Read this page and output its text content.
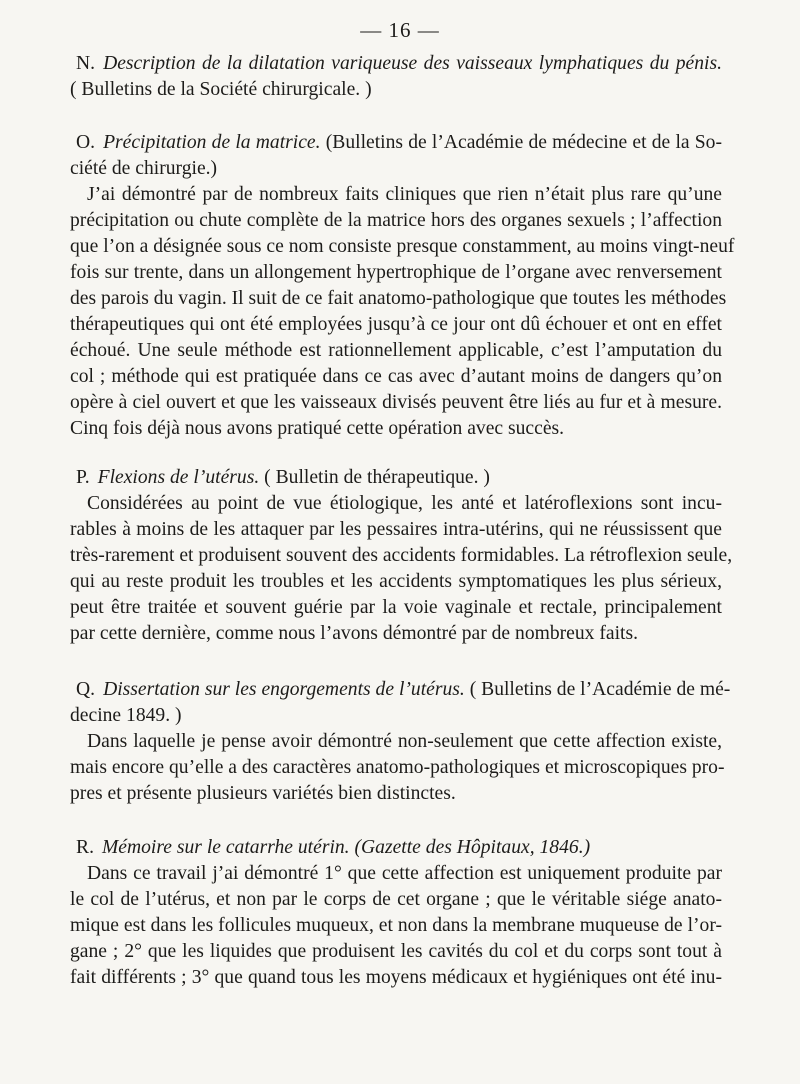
— 16 —
N. Description de la dilatation variqueuse des vaisseaux lymphatiques du pénis.
( Bulletins de la Société chirurgicale. )
O. Précipitation de la matrice. (Bulletins de l’Académie de médecine et de la So-
ciété de chirurgie.)
J’ai démontré par de nombreux faits cliniques que rien n’était plus rare qu’une
précipitation ou chute complète de la matrice hors des organes sexuels ; l’affection
que l’on a désignée sous ce nom consiste presque constamment, au moins vingt-neuf
fois sur trente, dans un allongement hypertrophique de l’organe avec renversement
des parois du vagin. Il suit de ce fait anatomo-pathologique que toutes les méthodes
thérapeutiques qui ont été employées jusqu’à ce jour ont dû échouer et ont en effet
échoué. Une seule méthode est rationnellement applicable, c’est l’amputation du
col ; méthode qui est pratiquée dans ce cas avec d’autant moins de dangers qu’on
opère à ciel ouvert et que les vaisseaux divisés peuvent être liés au fur et à mesure.
Cinq fois déjà nous avons pratiqué cette opération avec succès.
P. Flexions de l’utérus. ( Bulletin de thérapeutique. )
Considérées au point de vue étiologique, les anté et latéroflexions sont incu-
rables à moins de les attaquer par les pessaires intra-utérins, qui ne réussissent que
très-rarement et produisent souvent des accidents formidables. La rétroflexion seule,
qui au reste produit les troubles et les accidents symptomatiques les plus sérieux,
peut être traitée et souvent guérie par la voie vaginale et rectale, principalement
par cette dernière, comme nous l’avons démontré par de nombreux faits.
Q. Dissertation sur les engorgements de l’utérus. ( Bulletins de l’Académie de mé-
decine 1849. )
Dans laquelle je pense avoir démontré non-seulement que cette affection existe,
mais encore qu’elle a des caractères anatomo-pathologiques et microscopiques pro-
pres et présente plusieurs variétés bien distinctes.
R. Mémoire sur le catarrhe utérin. (Gazette des Hôpitaux, 1846.)
Dans ce travail j’ai démontré 1° que cette affection est uniquement produite par
le col de l’utérus, et non par le corps de cet organe ; que le véritable siége anato-
mique est dans les follicules muqueux, et non dans la membrane muqueuse de l’or-
gane ; 2° que les liquides que produisent les cavités du col et du corps sont tout à
fait différents ; 3° que quand tous les moyens médicaux et hygiéniques ont été inu-
